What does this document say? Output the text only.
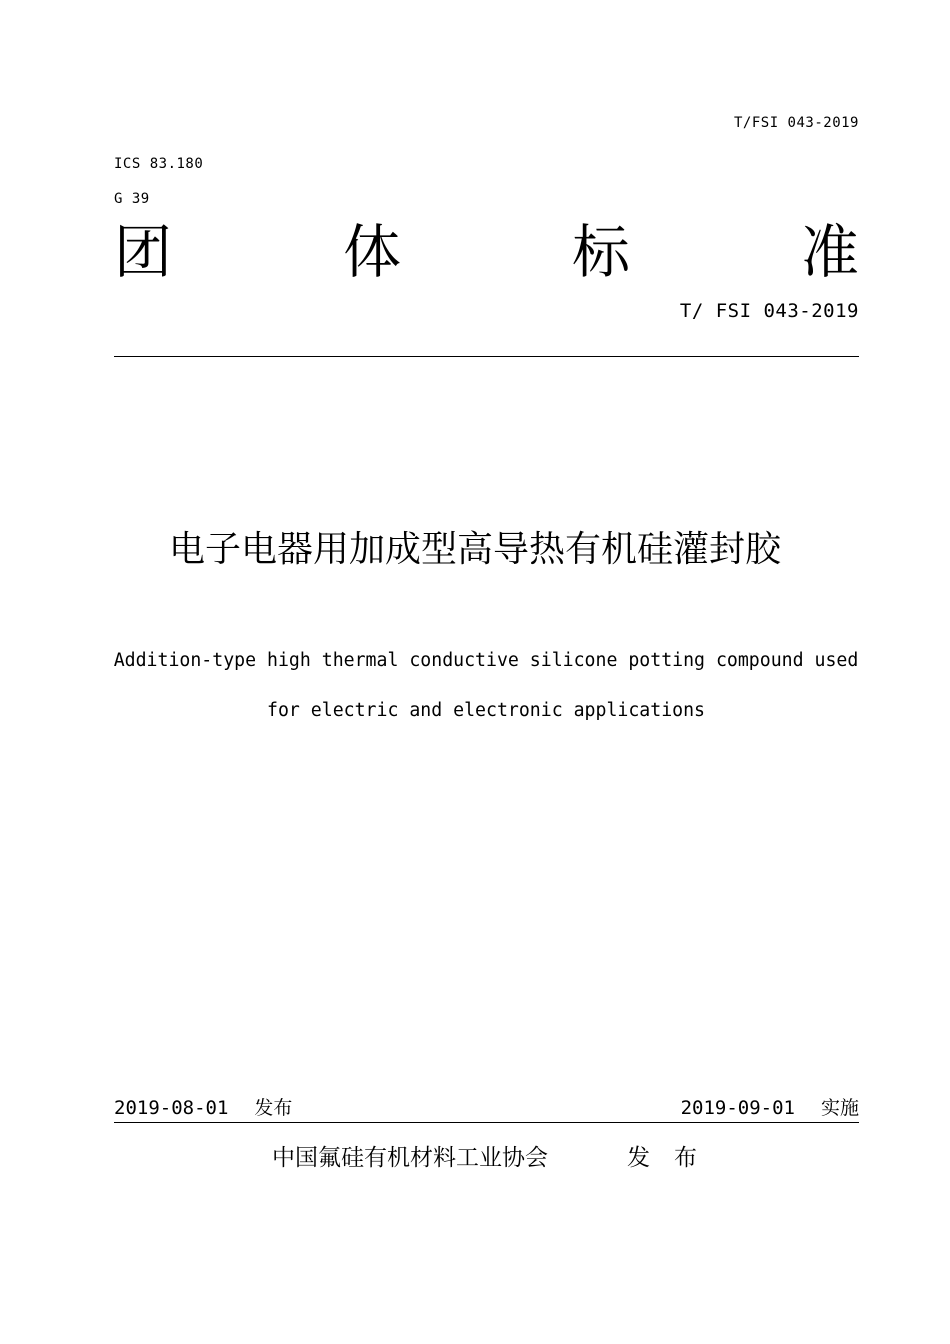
T/FSI 043-2019
ICS 83.180
G 39
团	体	标	准
T/ FSI 043-2019
电子电器用加成型高导热有机硅灌封胶
Addition-type high thermal conductive silicone potting compound used
for electric and electronic applications
2019-08-01 发布	2019-09-01 实施
中国氟硅有机材料工业协会	发布
